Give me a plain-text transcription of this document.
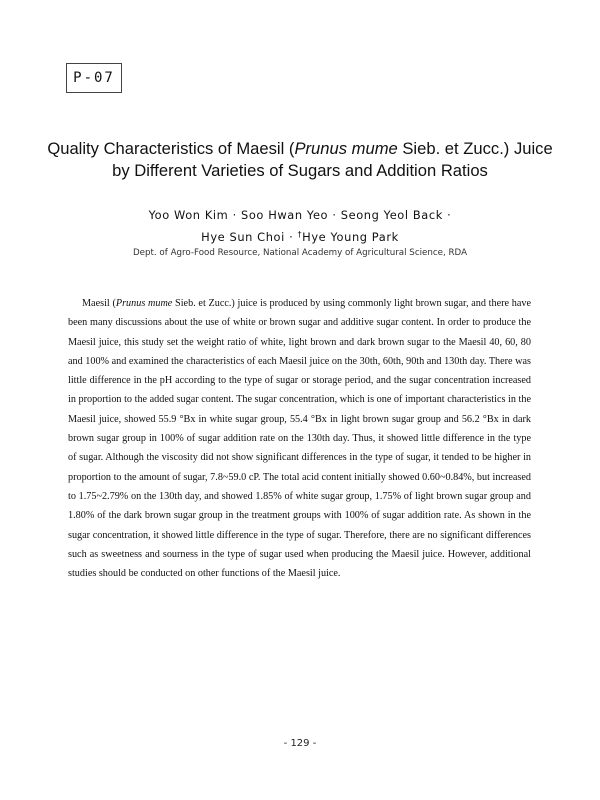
P-07
Quality Characteristics of Maesil (Prunus mume Sieb. et Zucc.) Juice
by Different Varieties of Sugars and Addition Ratios
Yoo Won Kim · Soo Hwan Yeo · Seong Yeol Back ·
Hye Sun Choi · †Hye Young Park
Dept. of Agro-Food Resource, National Academy of Agricultural Science, RDA

Maesil (Prunus mume Sieb. et Zucc.) juice is produced by using commonly light brown sugar, and there have been many discussions about the use of white or brown sugar and additive sugar content. In order to produce the Maesil juice, this study set the weight ratio of white, light brown and dark brown sugar to the Maesil 40, 60, 80 and 100% and examined the characteristics of each Maesil juice on the 30th, 60th, 90th and 130th day. There was little difference in the pH according to the type of sugar or storage period, and the sugar concentration increased in proportion to the added sugar content. The sugar concentration, which is one of important characteristics in the Maesil juice, showed 55.9 °Bx in white sugar group, 55.4 °Bx in light brown sugar group and 56.2 °Bx in dark brown sugar group in 100% of sugar addition rate on the 130th day. Thus, it showed little difference in the type of sugar. Although the viscosity did not show significant differences in the type of sugar, it tended to be higher in proportion to the amount of sugar, 7.8~59.0 cP. The total acid content initially showed 0.60~0.84%, but increased to 1.75~2.79% on the 130th day, and showed 1.85% of white sugar group, 1.75% of light brown sugar group and 1.80% of the dark brown sugar group in the treatment groups with 100% of sugar addition rate. As shown in the sugar concentration, it showed little difference in the type of sugar. Therefore, there are no significant differences such as sweetness and sourness in the type of sugar used when producing the Maesil juice. However, additional studies should be conducted on other functions of the Maesil juice.

- 129 -
